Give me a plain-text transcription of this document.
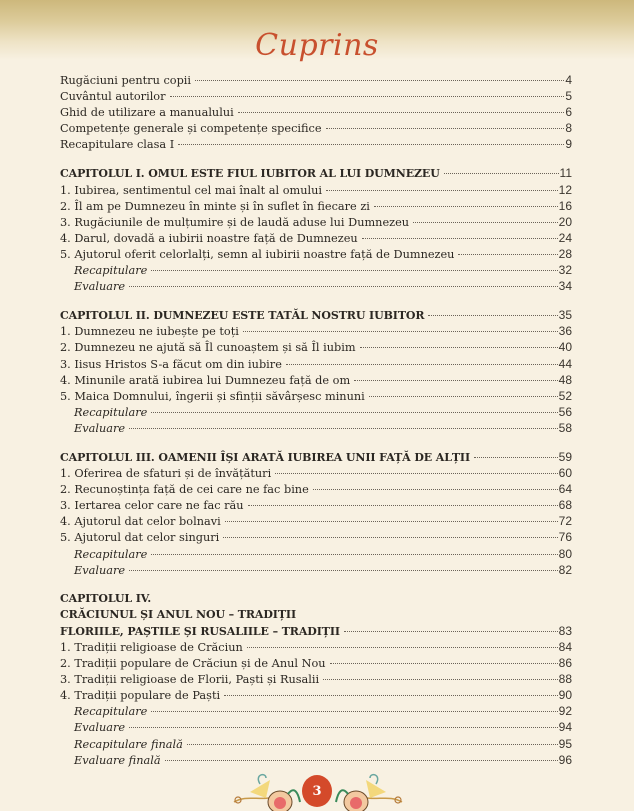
Cuprins
Rugăciuni pentru copii	4
Cuvântul autorilor	5
Ghid de utilizare a manualului	6
Competențe generale și competențe specifice	8
Recapitulare clasa I	9
CAPITOLUL I. OMUL ESTE FIUL IUBITOR AL LUI DUMNEZEU	11
1. Iubirea, sentimentul cel mai înalt al omului	12
2. Îl am pe Dumnezeu în minte și în suflet în fiecare zi	16
3. Rugăciunile de mulțumire și de laudă aduse lui Dumnezeu	20
4. Darul, dovadă a iubirii noastre față de Dumnezeu	24
5. Ajutorul oferit celorlalți, semn al iubirii noastre față de Dumnezeu	28
Recapitulare	32
Evaluare	34
CAPITOLUL II. DUMNEZEU ESTE TATĂL NOSTRU IUBITOR	35
1. Dumnezeu ne iubește pe toți	36
2. Dumnezeu ne ajută să Îl cunoaștem și să Îl iubim	40
3. Iisus Hristos S-a făcut om din iubire	44
4. Minunile arată iubirea lui Dumnezeu față de om	48
5. Maica Domnului, îngerii și sfinții săvârșesc minuni	52
Recapitulare	56
Evaluare	58
CAPITOLUL III. OAMENII ÎȘI ARATĂ IUBIREA UNII FAȚĂ DE ALȚII	59
1. Oferirea de sfaturi și de învățături	60
2. Recunoștința față de cei care ne fac bine	64
3. Iertarea celor care ne fac rău	68
4. Ajutorul dat celor bolnavi	72
5. Ajutorul dat celor singuri	76
Recapitulare	80
Evaluare	82
CAPITOLUL IV.
CRĂCIUNUL ȘI ANUL NOU – TRADIȚII
FLORIILE, PAȘTILE ȘI RUSALIILE – TRADIȚII	83
1. Tradiții religioase de Crăciun	84
2. Tradiții populare de Crăciun și de Anul Nou	86
3. Tradiții religioase de Florii, Paști și Rusalii	88
4. Tradiții populare de Paști	90
Recapitulare	92
Evaluare	94
Recapitulare finală	95
Evaluare finală	96
3
